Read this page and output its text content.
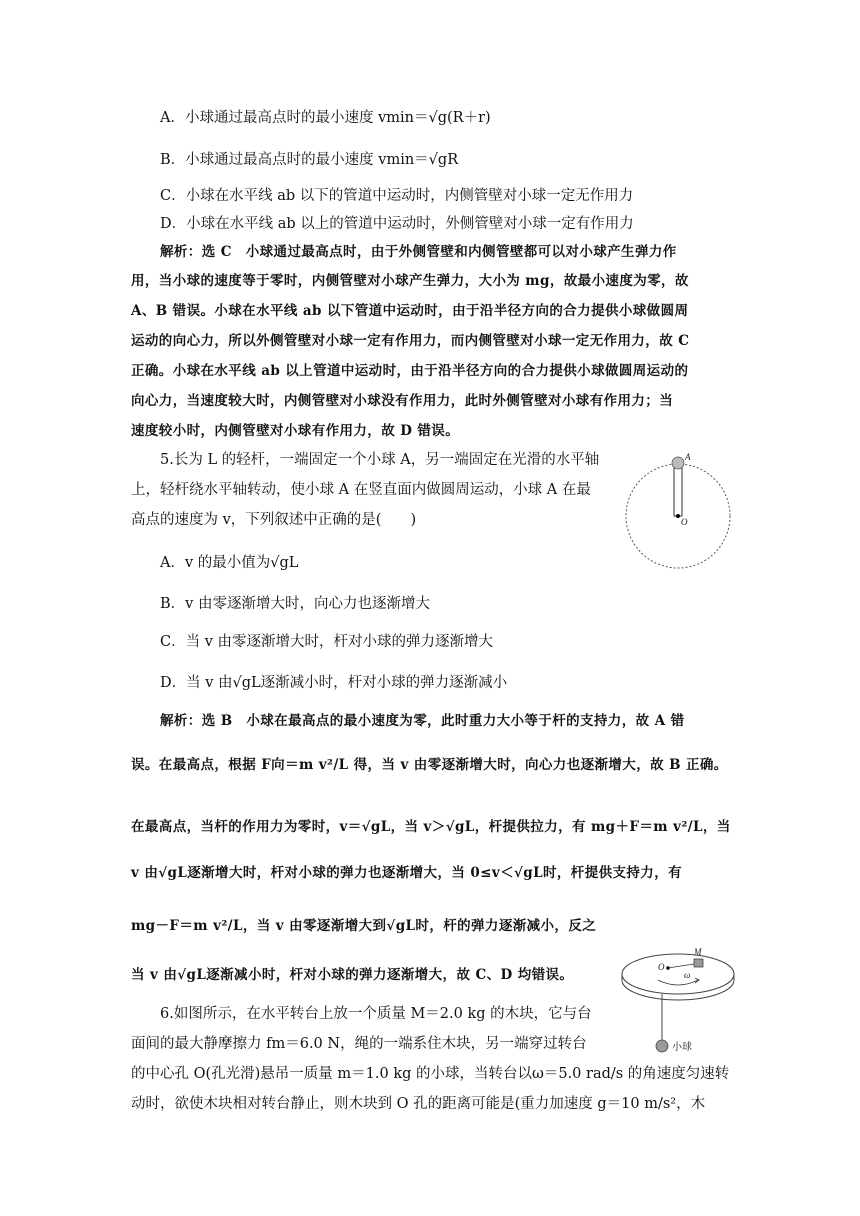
A．小球通过最高点时的最小速度 vmin＝√g(R＋r)
B．小球通过最高点时的最小速度 vmin＝√gR
C．小球在水平线 ab 以下的管道中运动时，内侧管壁对小球一定无作用力
D．小球在水平线 ab 以上的管道中运动时，外侧管壁对小球一定有作用力
解析：选 C　小球通过最高点时，由于外侧管壁和内侧管壁都可以对小球产生弹力作
用，当小球的速度等于零时，内侧管壁对小球产生弹力，大小为 mg，故最小速度为零，故
A、B 错误。小球在水平线 ab 以下管道中运动时，由于沿半径方向的合力提供小球做圆周
运动的向心力，所以外侧管壁对小球一定有作用力，而内侧管壁对小球一定无作用力，故 C
正确。小球在水平线 ab 以上管道中运动时，由于沿半径方向的合力提供小球做圆周运动的
向心力，当速度较大时，内侧管壁对小球没有作用力，此时外侧管壁对小球有作用力；当
速度较小时，内侧管壁对小球有作用力，故 D 错误。
5.长为 L 的轻杆，一端固定一个小球 A，另一端固定在光滑的水平轴
上，轻杆绕水平轴转动，使小球 A 在竖直面内做圆周运动，小球 A 在最
高点的速度为 v，下列叙述中正确的是(　　)
A
O
A．v 的最小值为√gL
B．v 由零逐渐增大时，向心力也逐渐增大
C．当 v 由零逐渐增大时，杆对小球的弹力逐渐增大
D．当 v 由√gL逐渐减小时，杆对小球的弹力逐渐减小
解析：选 B　小球在最高点的最小速度为零，此时重力大小等于杆的支持力，故 A 错
误。在最高点，根据 F向＝m v²/L 得，当 v 由零逐渐增大时，向心力也逐渐增大，故 B 正确。
在最高点，当杆的作用力为零时，v＝√gL，当 v＞√gL，杆提供拉力，有 mg＋F＝m v²/L，当
v 由√gL逐渐增大时，杆对小球的弹力也逐渐增大，当 0≤v＜√gL时，杆提供支持力，有
mg－F＝m v²/L，当 v 由零逐渐增大到√gL时，杆的弹力逐渐减小，反之
当 v 由√gL逐渐减小时，杆对小球的弹力逐渐增大，故 C、D 均错误。	O
M
ω
小球
6.如图所示，在水平转台上放一个质量 M＝2.0 kg 的木块，它与台
面间的最大静摩擦力 fm＝6.0 N，绳的一端系住木块，另一端穿过转台
的中心孔 O(孔光滑)悬吊一质量 m＝1.0 kg 的小球，当转台以ω＝5.0 rad/s 的角速度匀速转
动时，欲使木块相对转台静止，则木块到 O 孔的距离可能是(重力加速度 g＝10 m/s²，木
